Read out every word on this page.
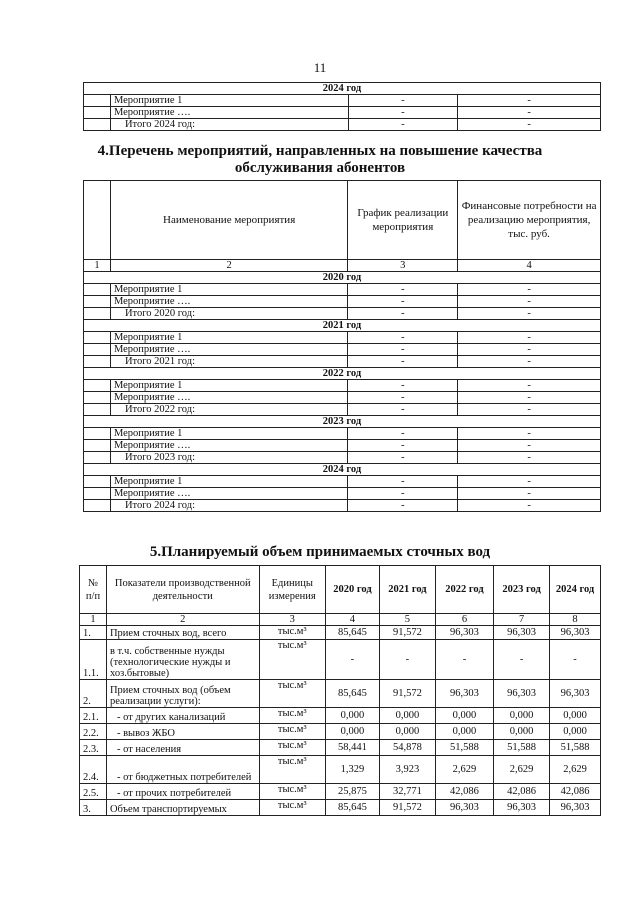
11
2024 год			
	Мероприятие 1	-	-
	Мероприятие ….	-	-
	Итого 2024 год:	-	-
4.Перечень мероприятий, направленных на повышение качества
обслуживания абонентов
	Наименование мероприятия	График реализации мероприятия	Финансовые потребности на реализацию мероприятия, тыс. руб.
1	2	3	4
2020 год			
	Мероприятие 1	-	-
	Мероприятие ….	-	-
	Итого 2020 год:	-	-
2021 год			
	Мероприятие 1	-	-
	Мероприятие ….	-	-
	Итого 2021 год:	-	-
2022 год			
	Мероприятие 1	-	-
	Мероприятие ….	-	-
	Итого 2022 год:	-	-
2023 год			
	Мероприятие 1	-	-
	Мероприятие ….	-	-
	Итого 2023 год:	-	-
2024 год			
	Мероприятие 1	-	-
	Мероприятие ….	-	-
	Итого 2024 год:	-	-
5.Планируемый объем принимаемых сточных вод
№ п/п	Показатели производственной деятельности	Единицы измерения	2020 год	2021 год	2022 год	2023 год	2024 год
1	2	3	4	5	6	7	8
1.	Прием сточных вод, всего	тыс.м³	85,645	91,572	96,303	96,303	96,303
1.1.	в т.ч. собственные нужды (технологические нужды и хоз.бытовые)	тыс.м³	-	-	-	-	-
2.	Прием сточных вод (объем реализации услуги):	тыс.м³	85,645	91,572	96,303	96,303	96,303
2.1.	- от других канализаций	тыс.м³	0,000	0,000	0,000	0,000	0,000
2.2.	- вывоз ЖБО	тыс.м³	0,000	0,000	0,000	0,000	0,000
2.3.	- от населения	тыс.м³	58,441	54,878	51,588	51,588	51,588
2.4.	- от бюджетных потребителей	тыс.м³	1,329	3,923	2,629	2,629	2,629
2.5.	- от прочих потребителей	тыс.м³	25,875	32,771	42,086	42,086	42,086
3.	Объем транспортируемых	тыс.м³	85,645	91,572	96,303	96,303	96,303
